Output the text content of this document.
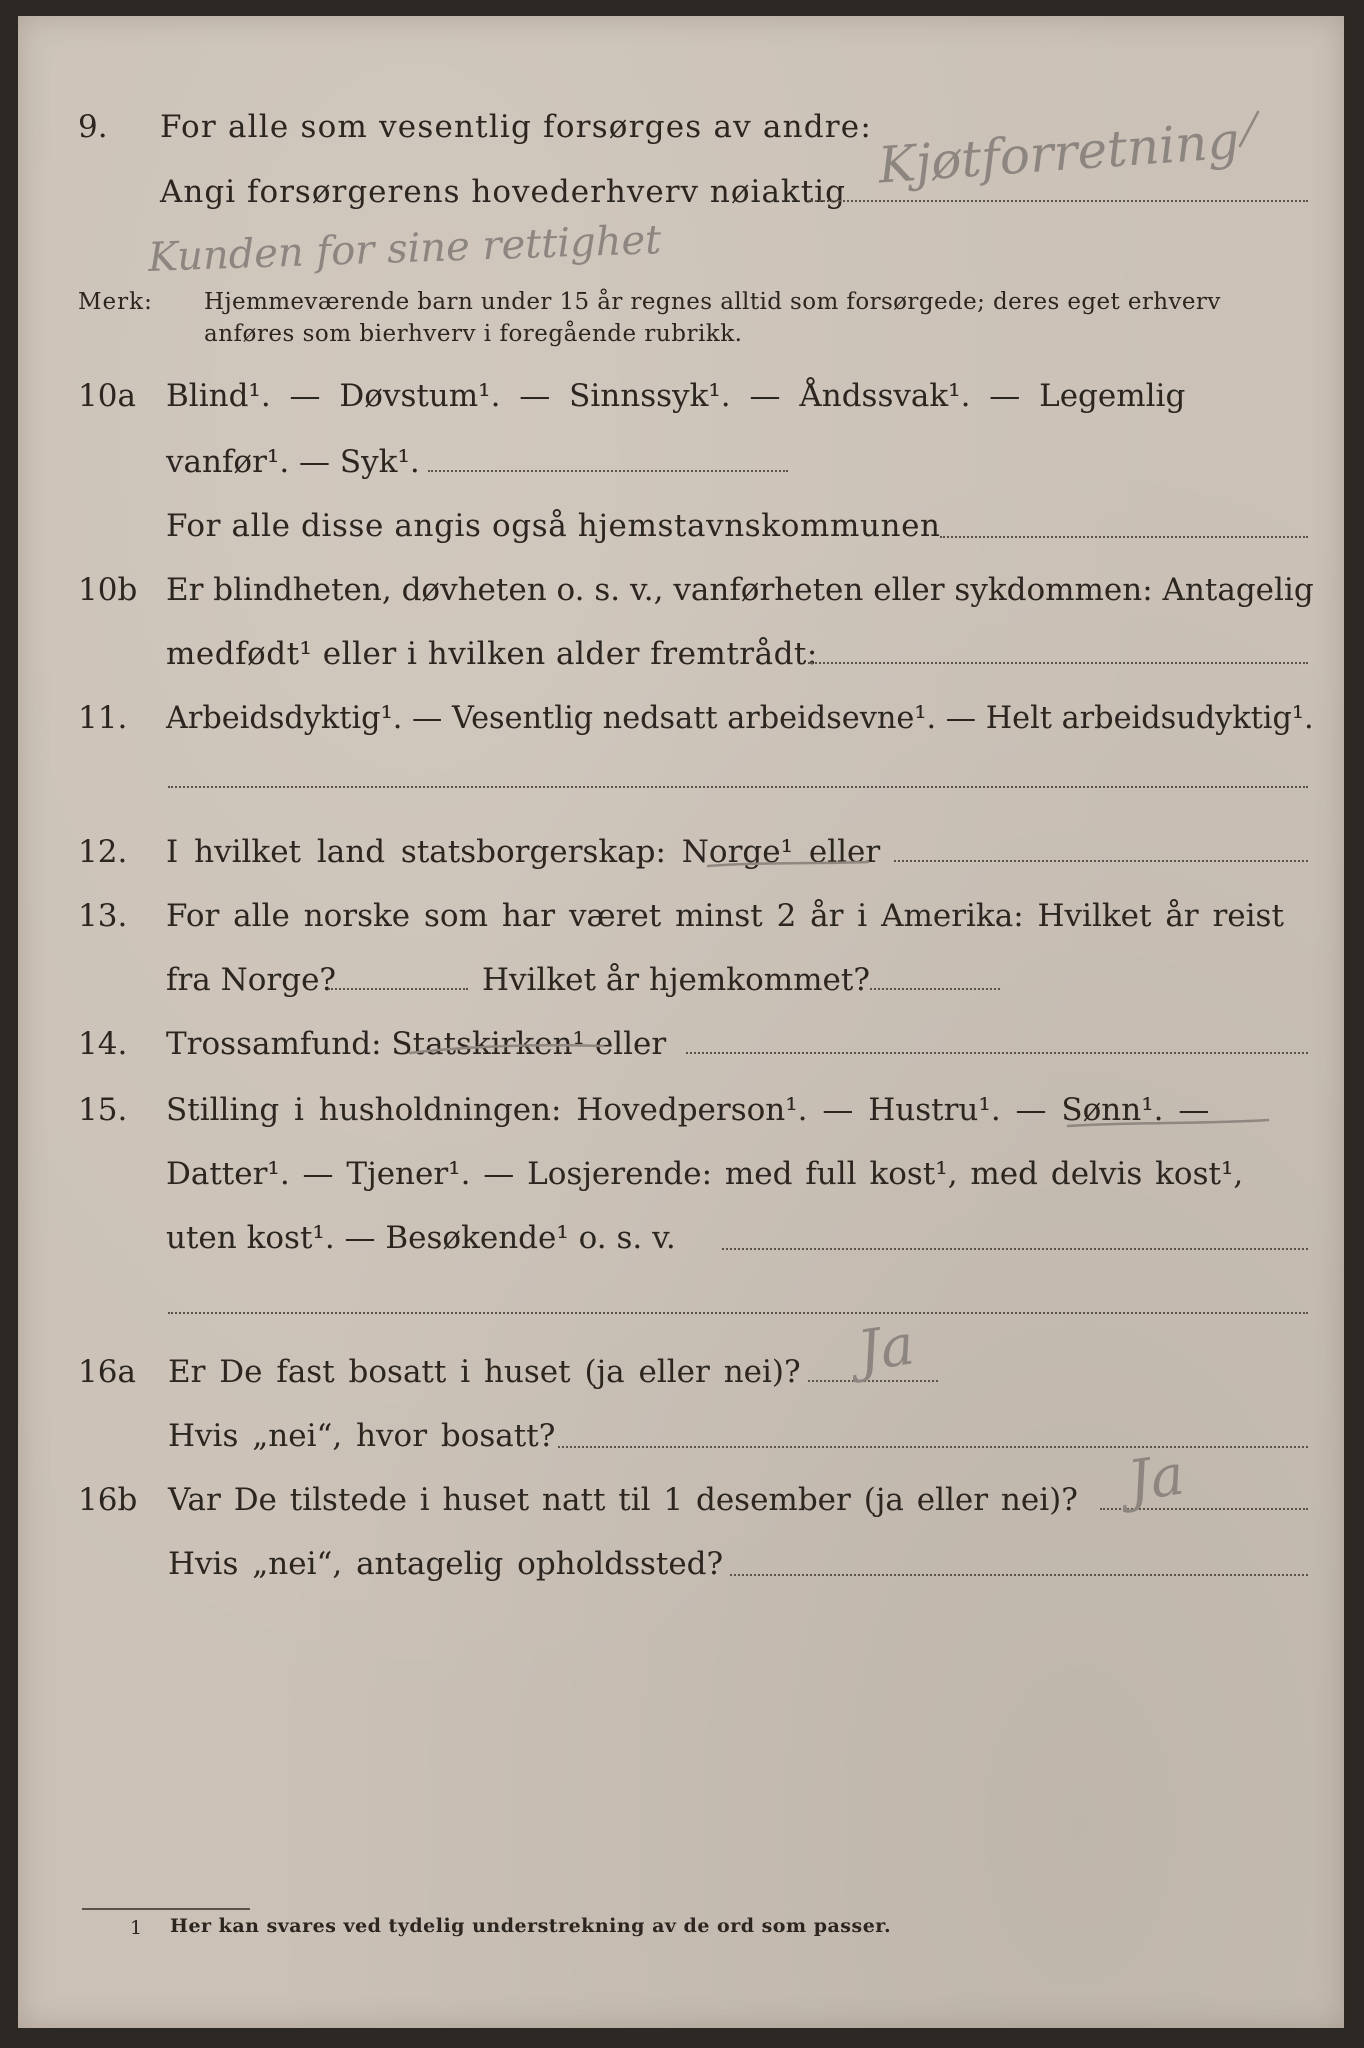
9. For alle som vesentlig forsørges av andre:
Angi forsørgerens hovederhverv nøiaktig Kjøtforretning
Kunden for sine rettighet
Merk: Hjemmeværende barn under 15 år regnes alltid som forsørgede; deres eget erhverv
anføres som bierhverv i foregående rubrikk.
10a Blind¹. — Døvstum¹. — Sinnssyk¹. — Åndssvak¹. — Legemlig
vanfør¹. — Syk¹.
For alle disse angis også hjemstavnskommunen
10b Er blindheten, døvheten o. s. v., vanførheten eller sykdommen: Antagelig
medfødt¹ eller i hvilken alder fremtrådt:
11. Arbeidsdyktig¹. — Vesentlig nedsatt arbeidsevne¹. — Helt arbeidsudyktig¹.
12. I hvilket land statsborgerskap: Norge¹ eller
13. For alle norske som har været minst 2 år i Amerika: Hvilket år reist
fra Norge?	Hvilket år hjemkommet?
14. Trossamfund: Statskirken¹ eller
15. Stilling i husholdningen: Hovedperson¹. — Hustru¹. — Sønn¹. —
Datter¹. — Tjener¹. — Losjerende: med full kost¹, med delvis kost¹,
uten kost¹. — Besøkende¹ o. s. v.
16a Er De fast bosatt i huset (ja eller nei)? Ja
Hvis „nei“, hvor bosatt?
16b Var De tilstede i huset natt til 1 desember (ja eller nei)? Ja
Hvis „nei“, antagelig opholdssted?
1 Her kan svares ved tydelig understrekning av de ord som passer.
